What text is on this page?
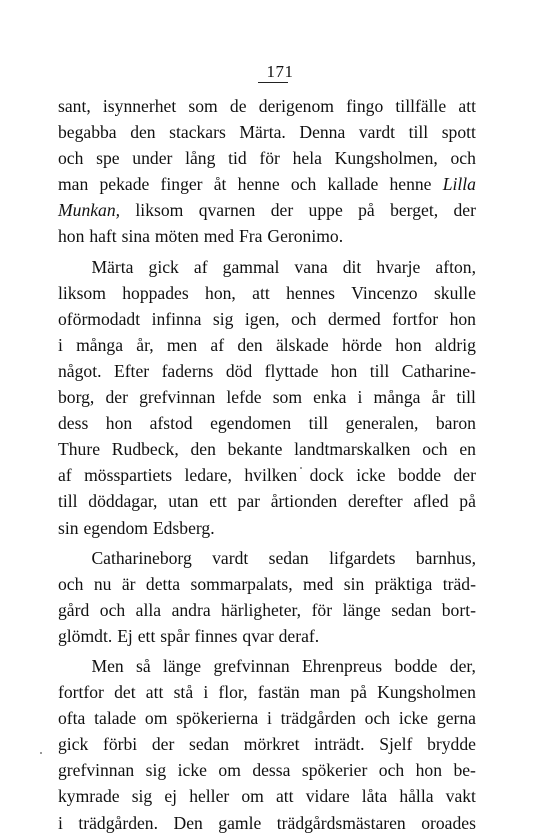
171
sant, isynnerhet som de derigenom fingo tillfälle att
begabba den stackars Märta. Denna vardt till spott
och spe under lång tid för hela Kungsholmen, och
man pekade finger åt henne och kallade henne Lilla
Munkan, liksom qvarnen der uppe på berget, der
hon haft sina möten med Fra Geronimo.
Märta gick af gammal vana dit hvarje afton,
liksom hoppades hon, att hennes Vincenzo skulle
oförmodadt infinna sig igen, och dermed fortfor hon
i många år, men af den älskade hörde hon aldrig
något. Efter faderns död flyttade hon till Catharine-
borg, der grefvinnan lefde som enka i många år till
dess hon afstod egendomen till generalen, baron
Thure Rudbeck, den bekante landtmarskalken och en
af mösspartiets ledare, hvilken dock icke bodde der
till döddagar, utan ett par årtionden derefter afled på
sin egendom Edsberg.
Catharineborg vardt sedan lifgardets barnhus,
och nu är detta sommarpalats, med sin präktiga träd-
gård och alla andra härligheter, för länge sedan bort-
glömdt. Ej ett spår finnes qvar deraf.
Men så länge grefvinnan Ehrenpreus bodde der,
fortfor det att stå i flor, fastän man på Kungsholmen
ofta talade om spökerierna i trädgården och icke gerna
gick förbi der sedan mörkret inträdt. Sjelf brydde
grefvinnan sig icke om dessa spökerier och hon be-
kymrade sig ej heller om att vidare låta hålla vakt
i trädgården. Den gamle trädgårdsmästaren oroades
